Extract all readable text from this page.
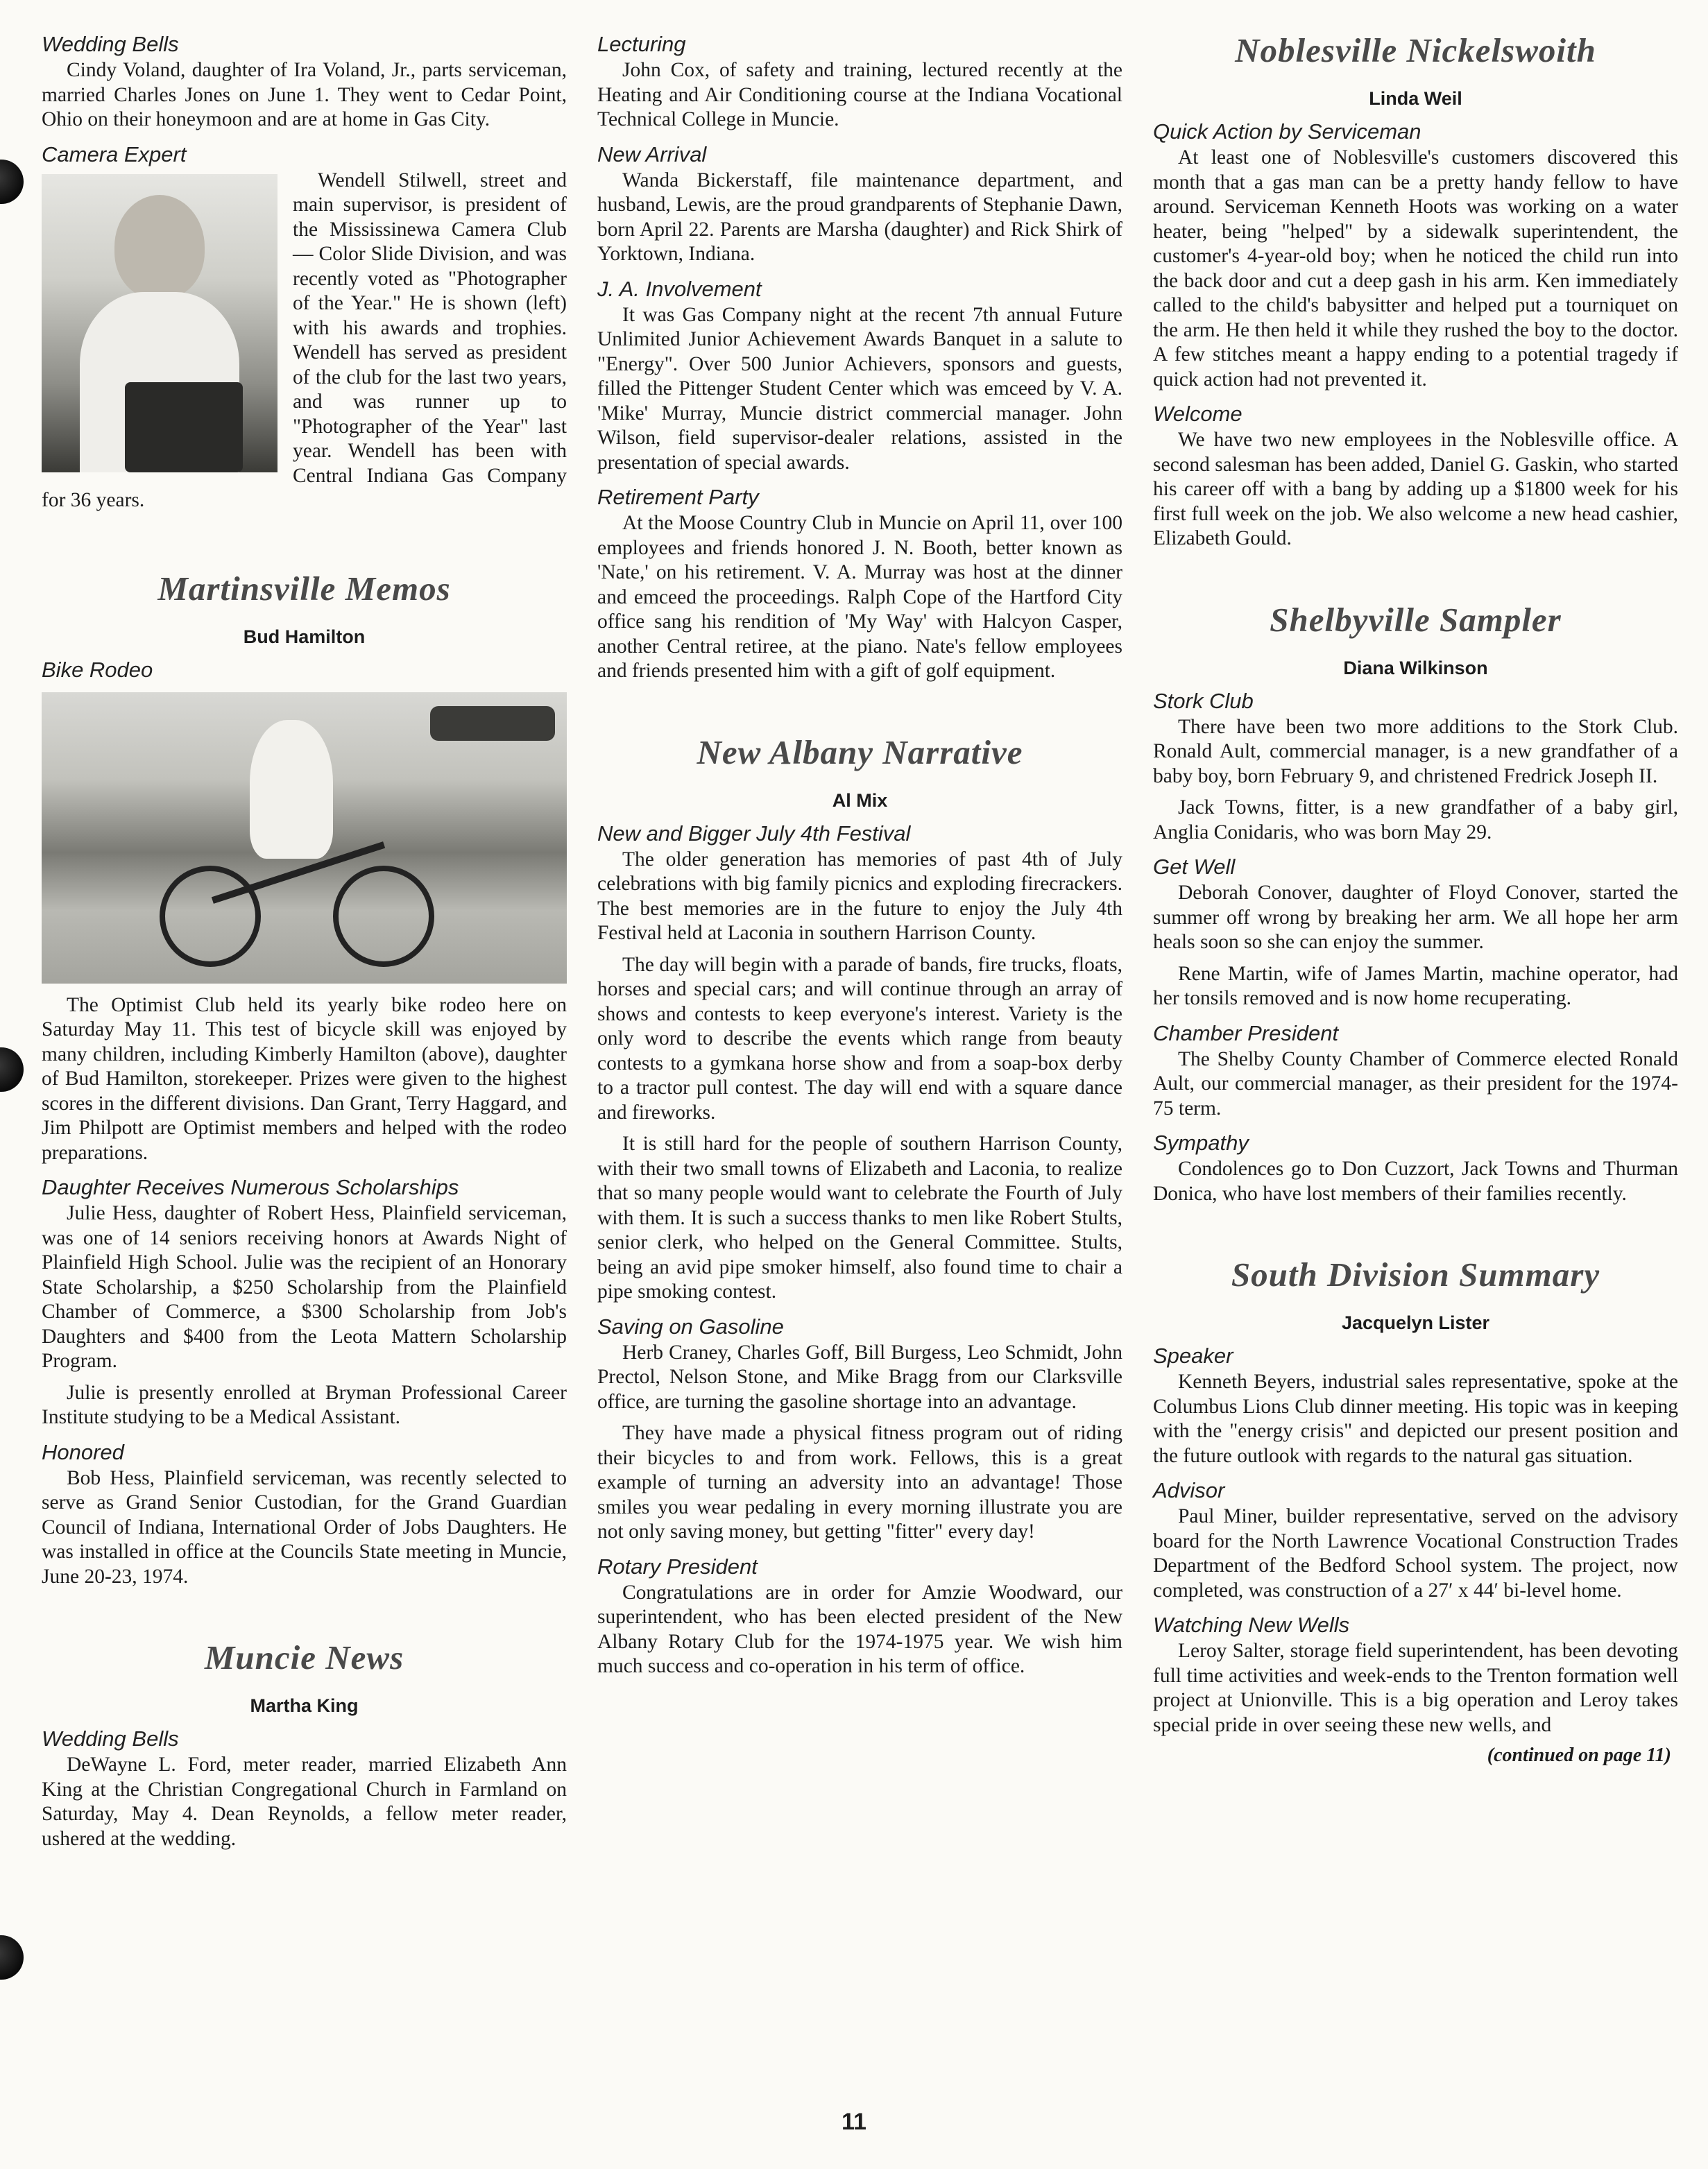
Wedding Bells

Cindy Voland, daughter of Ira Voland, Jr., parts serviceman, married Charles Jones on June 1. They went to Cedar Point, Ohio on their honeymoon and are at home in Gas City.

Camera Expert

Wendell Stilwell, street and main supervisor, is president of the Mississinewa Camera Club — Color Slide Division, and was recently voted as "Photographer of the Year." He is shown (left) with his awards and trophies. Wendell has served as president of the club for the last two years, and was runner up to "Photographer of the Year" last year. Wendell has been with Central Indiana Gas Company for 36 years.

Martinsville Memos
Bud Hamilton
Bike Rodeo

The Optimist Club held its yearly bike rodeo here on Saturday May 11. This test of bicycle skill was enjoyed by many children, including Kimberly Hamilton (above), daughter of Bud Hamilton, storekeeper. Prizes were given to the highest scores in the different divisions. Dan Grant, Terry Haggard, and Jim Philpott are Optimist members and helped with the rodeo preparations.

Daughter Receives Numerous Scholarships

Julie Hess, daughter of Robert Hess, Plainfield serviceman, was one of 14 seniors receiving honors at Awards Night of Plainfield High School. Julie was the recipient of an Honorary State Scholarship, a $250 Scholarship from the Plainfield Chamber of Commerce, a $300 Scholarship from Job's Daughters and $400 from the Leota Mattern Scholarship Program.

Julie is presently enrolled at Bryman Professional Career Institute studying to be a Medical Assistant.

Honored

Bob Hess, Plainfield serviceman, was recently selected to serve as Grand Senior Custodian, for the Grand Guardian Council of Indiana, International Order of Jobs Daughters. He was installed in office at the Councils State meeting in Muncie, June 20-23, 1974.

Muncie News
Martha King
Wedding Bells

DeWayne L. Ford, meter reader, married Elizabeth Ann King at the Christian Congregational Church in Farmland on Saturday, May 4. Dean Reynolds, a fellow meter reader, ushered at the wedding.

Lecturing

John Cox, of safety and training, lectured recently at the Heating and Air Conditioning course at the Indiana Vocational Technical College in Muncie.

New Arrival

Wanda Bickerstaff, file maintenance department, and husband, Lewis, are the proud grandparents of Stephanie Dawn, born April 22. Parents are Marsha (daughter) and Rick Shirk of Yorktown, Indiana.

J. A. Involvement

It was Gas Company night at the recent 7th annual Future Unlimited Junior Achievement Awards Banquet in a salute to "Energy". Over 500 Junior Achievers, sponsors and guests, filled the Pittenger Student Center which was emceed by V. A. 'Mike' Murray, Muncie district commercial manager. John Wilson, field supervisor-dealer relations, assisted in the presentation of special awards.

Retirement Party

At the Moose Country Club in Muncie on April 11, over 100 employees and friends honored J. N. Booth, better known as 'Nate,' on his retirement. V. A. Murray was host at the dinner and emceed the proceedings. Ralph Cope of the Hartford City office sang his rendition of 'My Way' with Halcyon Casper, another Central retiree, at the piano. Nate's fellow employees and friends presented him with a gift of golf equipment.

New Albany Narrative
Al Mix
New and Bigger July 4th Festival

The older generation has memories of past 4th of July celebrations with big family picnics and exploding firecrackers. The best memories are in the future to enjoy the July 4th Festival held at Laconia in southern Harrison County.

The day will begin with a parade of bands, fire trucks, floats, horses and special cars; and will continue through an array of shows and contests to keep everyone's interest. Variety is the only word to describe the events which range from beauty contests to a gymkana horse show and from a soap-box derby to a tractor pull contest. The day will end with a square dance and fireworks.

It is still hard for the people of southern Harrison County, with their two small towns of Elizabeth and Laconia, to realize that so many people would want to celebrate the Fourth of July with them. It is such a success thanks to men like Robert Stults, senior clerk, who helped on the General Committee. Stults, being an avid pipe smoker himself, also found time to chair a pipe smoking contest.

Saving on Gasoline

Herb Craney, Charles Goff, Bill Burgess, Leo Schmidt, John Prectol, Nelson Stone, and Mike Bragg from our Clarksville office, are turning the gasoline shortage into an advantage.

They have made a physical fitness program out of riding their bicycles to and from work. Fellows, this is a great example of turning an adversity into an advantage! Those smiles you wear pedaling in every morning illustrate you are not only saving money, but getting "fitter" every day!

Rotary President

Congratulations are in order for Amzie Woodward, our superintendent, who has been elected president of the New Albany Rotary Club for the 1974-1975 year. We wish him much success and co-operation in his term of office.

Noblesville Nickelswoith
Linda Weil
Quick Action by Serviceman

At least one of Noblesville's customers discovered this month that a gas man can be a pretty handy fellow to have around. Serviceman Kenneth Hoots was working on a water heater, being "helped" by a sidewalk superintendent, the customer's 4-year-old boy; when he noticed the child run into the back door and cut a deep gash in his arm. Ken immediately called to the child's babysitter and helped put a tourniquet on the arm. He then held it while they rushed the boy to the doctor. A few stitches meant a happy ending to a potential tragedy if quick action had not prevented it.

Welcome

We have two new employees in the Noblesville office. A second salesman has been added, Daniel G. Gaskin, who started his career off with a bang by adding up a $1800 week for his first full week on the job. We also welcome a new head cashier, Elizabeth Gould.

Shelbyville Sampler
Diana Wilkinson
Stork Club

There have been two more additions to the Stork Club. Ronald Ault, commercial manager, is a new grandfather of a baby boy, born February 9, and christened Fredrick Joseph II.

Jack Towns, fitter, is a new grandfather of a baby girl, Anglia Conidaris, who was born May 29.

Get Well

Deborah Conover, daughter of Floyd Conover, started the summer off wrong by breaking her arm. We all hope her arm heals soon so she can enjoy the summer.

Rene Martin, wife of James Martin, machine operator, had her tonsils removed and is now home recuperating.

Chamber President

The Shelby County Chamber of Commerce elected Ronald Ault, our commercial manager, as their president for the 1974-75 term.

Sympathy

Condolences go to Don Cuzzort, Jack Towns and Thurman Donica, who have lost members of their families recently.

South Division Summary
Jacquelyn Lister
Speaker

Kenneth Beyers, industrial sales representative, spoke at the Columbus Lions Club dinner meeting. His topic was in keeping with the "energy crisis" and depicted our present position and the future outlook with regards to the natural gas situation.

Advisor

Paul Miner, builder representative, served on the advisory board for the North Lawrence Vocational Construction Trades Department of the Bedford School system. The project, now completed, was construction of a 27′ x 44′ bi-level home.

Watching New Wells

Leroy Salter, storage field superintendent, has been devoting full time activities and week-ends to the Trenton formation well project at Unionville. This is a big operation and Leroy takes special pride in over seeing these new wells, and

(continued on page 11)
11
